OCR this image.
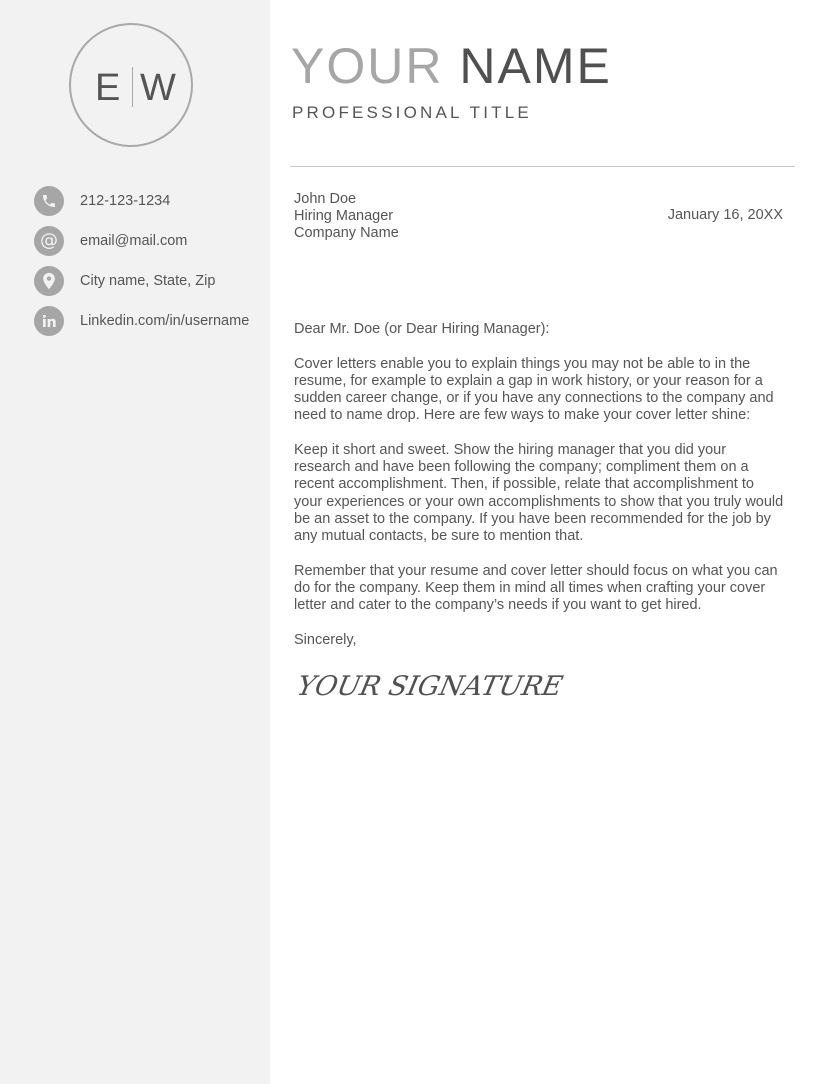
E W
212-123-1234
@ email@mail.com
City name, State, Zip
Linkedin.com/in/username
YOUR NAME
PROFESSIONAL TITLE
John Doe
Hiring Manager
Company Name
January 16, 20XX

Dear Mr. Doe (or Dear Hiring Manager):

Cover letters enable you to explain things you may not be able to in the resume, for example to explain a gap in work history, or your reason for a sudden career change, or if you have any connections to the company and need to name drop. Here are few ways to make your cover letter shine:

Keep it short and sweet. Show the hiring manager that you did your research and have been following the company; compliment them on a recent accomplishment. Then, if possible, relate that accomplishment to your experiences or your own accomplishments to show that you truly would be an asset to the company. If you have been recommended for the job by any mutual contacts, be sure to mention that.

Remember that your resume and cover letter should focus on what you can do for the company. Keep them in mind all times when crafting your cover letter and cater to the company’s needs if you want to get hired.

Sincerely,

YOUR SIGNATURE
